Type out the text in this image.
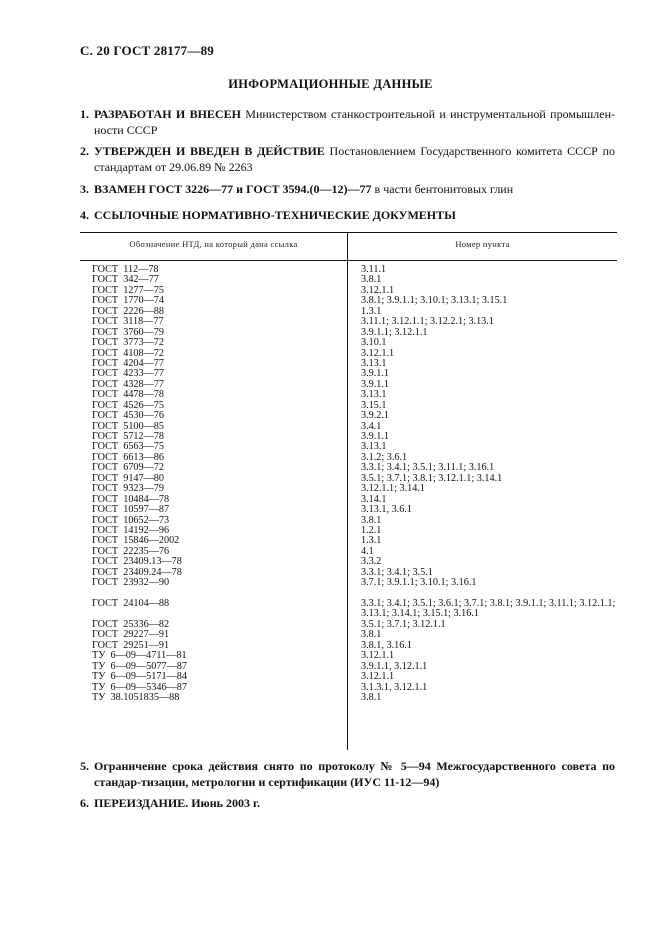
С. 20 ГОСТ 28177—89
ИНФОРМАЦИОННЫЕ ДАННЫЕ
1. РАЗРАБОТАН И ВНЕСЕН Министерством станкостроительной и инструментальной промышлен-ности СССР
2. УТВЕРЖДЕН И ВВЕДЕН В ДЕЙСТВИЕ Постановлением Государственного комитета СССР по стандартам от 29.06.89 № 2263
3. ВЗАМЕН ГОСТ 3226—77 и ГОСТ 3594.(0—12)—77 в части бентонитовых глин
4. ССЫЛОЧНЫЕ НОРМАТИВНО-ТЕХНИЧЕСКИЕ ДОКУМЕНТЫ
Обозначение НТД, на который дана ссылка	Номер пункта
ГОСТ  112—78	3.11.1
ГОСТ  342—77	3.8.1
ГОСТ  1277—75	3.12.1.1
ГОСТ  1770—74	3.8.1; 3.9.1.1; 3.10.1; 3.13.1; 3.15.1
ГОСТ  2226—88	1.3.1
ГОСТ  3118—77	3.11.1; 3.12.1.1; 3.12.2.1; 3.13.1
ГОСТ  3760—79	3.9.1.1; 3.12.1.1
ГОСТ  3773—72	3.10.1
ГОСТ  4108—72	3.12.1.1
ГОСТ  4204—77	3.13.1
ГОСТ  4233—77	3.9.1.1
ГОСТ  4328—77	3.9.1.1
ГОСТ  4478—78	3.13.1
ГОСТ  4526—75	3.15.1
ГОСТ  4530—76	3.9.2.1
ГОСТ  5100—85	3.4.1
ГОСТ  5712—78	3.9.1.1
ГОСТ  6563—75	3.13.1
ГОСТ  6613—86	3.1.2; 3.6.1
ГОСТ  6709—72	3.3.1; 3.4.1; 3.5.1; 3.11.1; 3.16.1
ГОСТ  9147—80	3.5.1; 3.7.1; 3.8.1; 3.12.1.1; 3.14.1
ГОСТ  9323—79	3.12.1.1; 3.14.1
ГОСТ  10484—78	3.14.1
ГОСТ  10597—87	3.13.1, 3.6.1
ГОСТ  10652—73	3.8.1
ГОСТ  14192—96	1.2.1
ГОСТ  15846—2002	1.3.1
ГОСТ  22235—76	4.1
ГОСТ  23409.13—78	3.3.2
ГОСТ  23409.24—78	3.3.1; 3.4.1; 3.5.1
ГОСТ  23932—90	3.7.1; 3.9.1.1; 3.10.1; 3.16.1
ГОСТ  24104—88	3.3.1; 3.4.1; 3.5.1; 3.6.1; 3.7.1; 3.8.1; 3.9.1.1; 3.11.1; 3.12.1.1; 3.13.1; 3.14.1; 3.15.1; 3.16.1
ГОСТ  25336—82	3.5.1; 3.7.1; 3.12.1.1
ГОСТ  29227—91	3.8.1
ГОСТ  29251—91	3.8.1, 3.16.1
ТУ  6—09—4711—81	3.12.1.1
ТУ  6—09—5077—87	3.9.1.1, 3.12.1.1
ТУ  6—09—5171—84	3.12.1.1
ТУ  6—09—5346—87	3.1.3.1, 3.12.1.1
ТУ  38.1051835—88	3.8.1
5. Ограничение срока действия снято по протоколу № 5—94 Межгосударственного совета по стандар-тизации, метрологии и сертификации (ИУС 11-12—94)
6. ПЕРЕИЗДАНИЕ. Июнь 2003 г.
